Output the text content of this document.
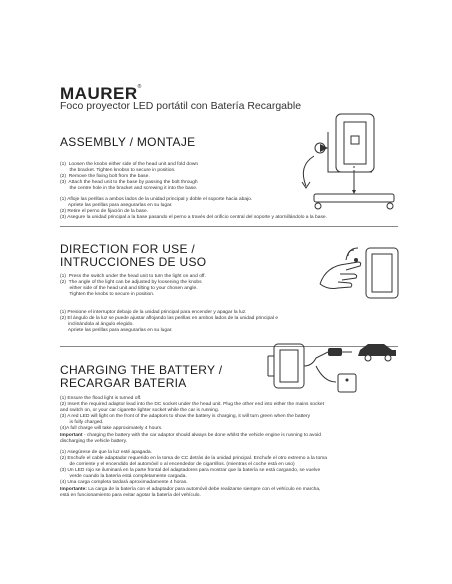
MAURER®
Foco proyector LED portátil con Batería Recargable
ASSEMBLY / MONTAJE
(1)  Loosen the knobs either side of the head unit and fold down
the bracket. Tighten knobss to secure in position.
(2)  Remove the fixing bolt from the base.
(3)  Attach the head unit to the base by passing the bolt through
the centre hole in the bracket and screwing it into the base.
(1) Afloje las perillas a ambos lados de la unidad principal y doble el soporte hacia abajo.
Apriete las perillas para asegurarlas en su lugar.
(2) Retire el perno de fijación de la base.
(3) Asegure la unidad principal a la base pasando el perno a través del orificio central del soporte y atornillándolo a la base.
DIRECTION FOR USE /
INTRUCCIONES DE USO
(1)  Press the switch under the head unit to turn the light on and off.
(2)  The angle of the light can be adjusted by loosening the knobs
either side of the head unit and tilting to your chosen angle.
Tighten the knobs to secure in position.
(1) Presione el interruptor debajo de la unidad principal para encender y apagar la luz.
(2) El ángulo de la luz se puede ajustar aflojando las perillas en ambos lados de la unidad principal e
inclinándola al ángulo elegido.
Apriete las perillas para asegurarlas en su lugar.
CHARGING THE BATTERY /
RECARGAR BATERIA
(1) Ensure the flood light is turned off.
(2) Insert the required adaptor lead into the DC socket under the head unit. Plug the other end into either the mains socket
and switch on, or your car cigarette lighter socket while the car is running.
(3) A red LED will light on the front of the adaptors to show the battery is charging, it will turn green when the battery
is fully charged.
(4)A full charge will take approximately 4 hours.
Important - charging the battery with the car adaptor should always be done whilst the vehicle engine is running to avoid
discharging the vehicle battery.
(1) Asegúrese de que la luz esté apagada.
(2) Enchufe el cable adaptador requerido en la toma de CC detrás de la unidad principal. Enchufe el otro extremo a la toma
de corriente y el encendido del automóvil o al encendedor de cigarrillos. (mientras el coche está en uso)
(3) Un LED rojo se iluminará en la parte frontal del adaptadores para mostrar que la batería se está cargando, se vuelve
verde cuando la batería está completamente cargada.
(4) Una carga completa tardará aproximadamente 4 horas.
Importante: La carga de la batería con el adaptador para automóvil debe realizarse siempre con el vehículo en marcha,
está en funcionamiento para evitar agotar la batería del vehículo.
